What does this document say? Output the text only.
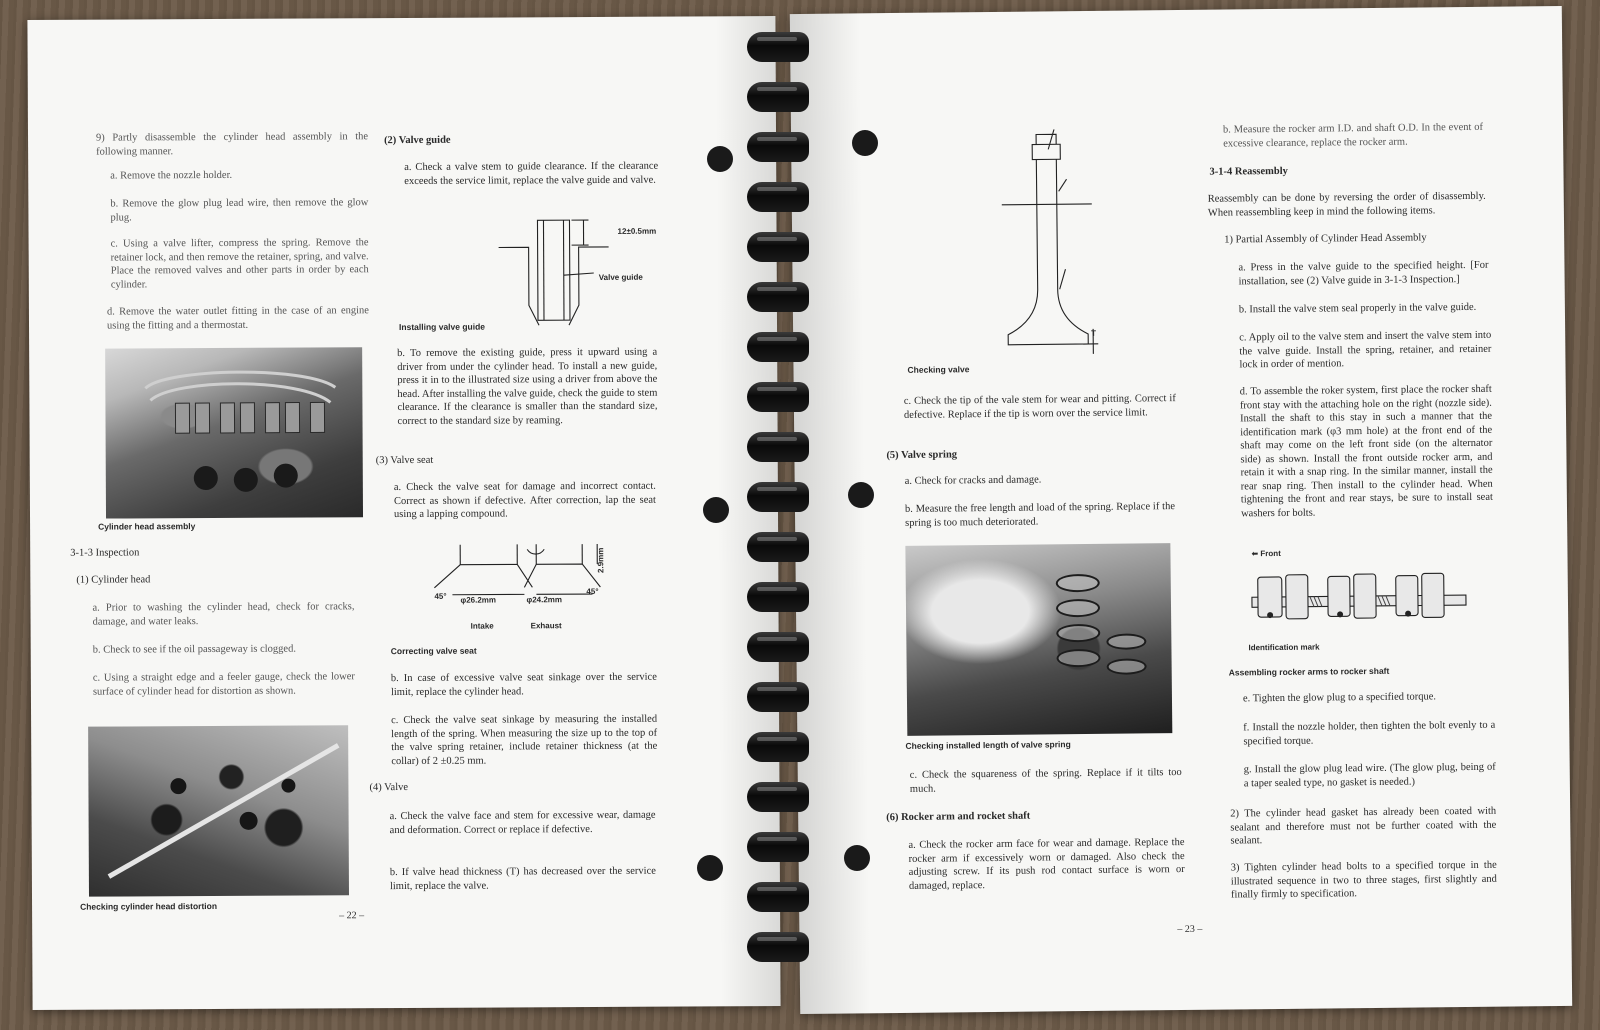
9) Partly disassemble the cylinder head assembly in the following manner.
a. Remove the nozzle holder.
b. Remove the glow plug lead wire, then remove the glow plug.
c. Using a valve lifter, compress the spring. Remove the retainer lock, and then remove the retainer, spring, and valve. Place the removed valves and other parts in order by each cylinder.
d. Remove the water outlet fitting in the case of an engine using the fitting and a thermostat.
Cylinder head assembly
3-1-3 Inspection
(1) Cylinder head
a. Prior to washing the cylinder head, check for cracks, damage, and water leaks.
b. Check to see if the oil passageway is clogged.
c. Using a straight edge and a feeler gauge, check the lower surface of cylinder head for distortion as shown.
Checking cylinder head distortion
(2) Valve guide
a. Check a valve stem to guide clearance. If the clearance exceeds the service limit, replace the valve guide and valve.
12±0.5mm
Valve guide
Installing valve guide
b. To remove the existing guide, press it upward using a driver from under the cylinder head. To install a new guide, press it in to the illustrated size using a driver from above the head. After installing the valve guide, check the guide to stem clearance. If the clearance is smaller than the standard size, correct to the standard size by reaming.
(3) Valve seat
a. Check the valve seat for damage and incorrect contact. Correct as shown if defective. After correction, lap the seat using a lapping compound.
2.9mm
45° φ26.2mm	φ24.2mm
45°
Intake	Exhaust
Correcting valve seat
b. In case of excessive valve seat sinkage over the service limit, replace the cylinder head.
c. Check the valve seat sinkage by measuring the installed length of the spring. When measuring the size up to the top of the valve spring retainer, include retainer thickness (at the collar) of 2 ±0.25 mm.
(4) Valve
a. Check the valve face and stem for excessive wear, damage and deformation. Correct or replace if defective.
b. If valve head thickness (T) has decreased over the service limit, replace the valve.
– 22 –
T
Checking valve
c. Check the tip of the vale stem for wear and pitting. Correct if defective. Replace if the tip is worn over the service limit.
(5) Valve spring
a. Check for cracks and damage.
b. Measure the free length and load of the spring. Replace if the spring is too much deteriorated.
Checking installed length of valve spring
c. Check the squareness of the spring. Replace if it tilts too much.
(6) Rocker arm and rocket shaft
a. Check the rocker arm face for wear and damage. Replace the rocker arm if excessively worn or damaged. Also check the adjusting screw. If its push rod contact surface is worn or damaged, replace.
– 23 –
b. Measure the rocker arm I.D. and shaft O.D. In the event of excessive clearance, replace the rocker arm.
3-1-4 Reassembly
Reassembly can be done by reversing the order of disassembly. When reassembling keep in mind the following items.
1) Partial Assembly of Cylinder Head Assembly
a. Press in the valve guide to the specified height. [For installation, see (2) Valve guide in 3-1-3 Inspection.]
b. Install the valve stem seal properly in the valve guide.
c. Apply oil to the valve stem and insert the valve stem into the valve guide. Install the spring, retainer, and retainer lock in order of mention.
d. To assemble the roker system, first place the rocker shaft front stay with the attaching hole on the right (nozzle side). Install the shaft to this stay in such a manner that the identification mark (φ3 mm hole) at the front end of the shaft may come on the left front side (on the alternator side) as shown. Install the front outside rocker arm, and retain it with a snap ring. In the similar manner, install the rear snap ring. Then install to the cylinder head. When tightening the front and rear stays, be sure to install seat washers for bolts.
⬅ Front
Identification mark
Assembling rocker arms to rocker shaft
e. Tighten the glow plug to a specified torque.
f. Install the nozzle holder, then tighten the bolt evenly to a specified torque.
g. Install the glow plug lead wire. (The glow plug, being of a taper sealed type, no gasket is needed.)
2) The cylinder head gasket has already been coated with sealant and therefore must not be further coated with the sealant.
3) Tighten cylinder head bolts to a specified torque in the illustrated sequence in two to three stages, first slightly and finally firmly to specification.
